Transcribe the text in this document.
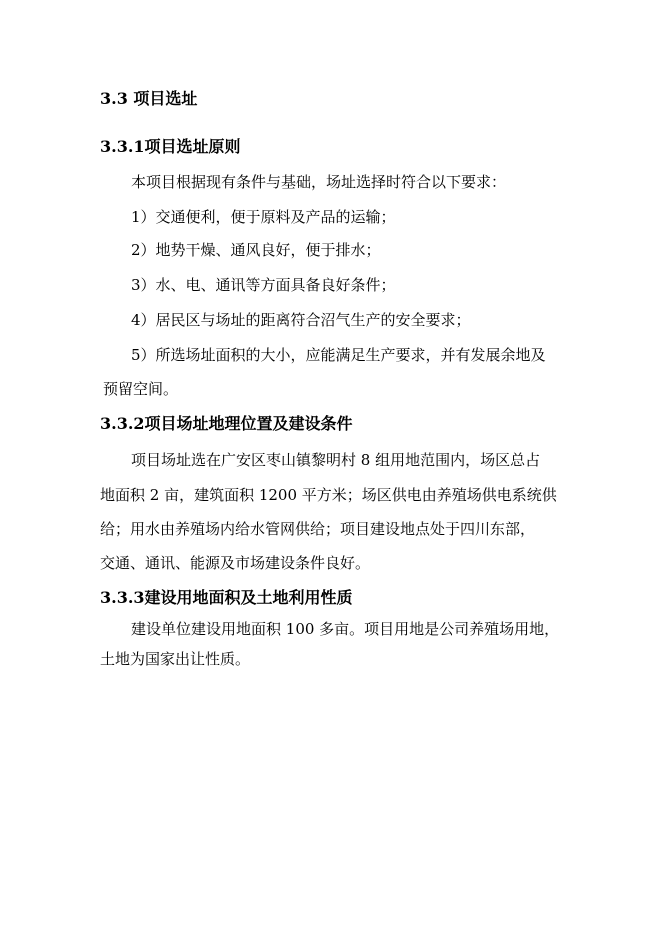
3.3 项目选址
3.3.1项目选址原则
本项目根据现有条件与基础，场址选择时符合以下要求：
1）交通便利，便于原料及产品的运输；
2）地势干燥、通风良好，便于排水；
3）水、电、通讯等方面具备良好条件；
4）居民区与场址的距离符合沼气生产的安全要求；
5）所选场址面积的大小，应能满足生产要求，并有发展余地及
预留空间。
3.3.2项目场址地理位置及建设条件
项目场址选在广安区枣山镇黎明村 8 组用地范围内，场区总占
地面积 2 亩，建筑面积 1200 平方米；场区供电由养殖场供电系统供
给；用水由养殖场内给水管网供给；项目建设地点处于四川东部，
交通、通讯、能源及市场建设条件良好。
3.3.3建设用地面积及土地利用性质
建设单位建设用地面积 100 多亩。项目用地是公司养殖场用地，
土地为国家出让性质。
